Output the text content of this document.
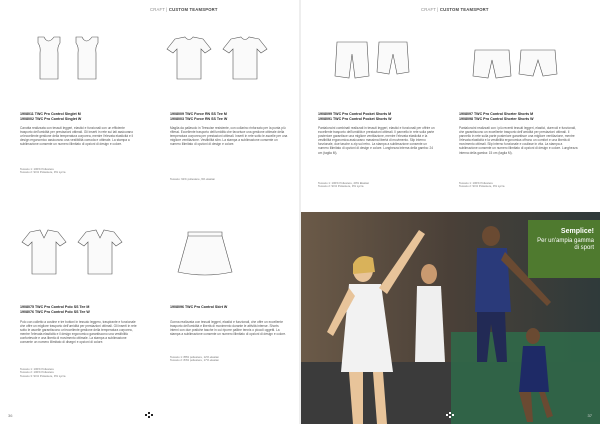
CRAFT | CUSTOM TEAMSPORT
1908011 TWC Pro Control Singlet M
1908002 TWC Pro Control Singlet W
Canotta realizzata con tessuti leggeri, elastici e funzionali con un efficiente trasporto dell'umidità per prestazioni ottimali. Gli inserti in rete sui lati assicurano un'eccellente gestione della temperatura corporea, mentre l'elevata elasticità e il design ergonomico assicurano una vestibilità comoda e ottimale. La stampa a sublimazione consente un numero illimitato di opzioni di design e colore.
Tessuto 1: 100% Poliestere
Tessuto 2: 91% Poliestere, 9% Lycra
1908009 TWC Force RN SS Tee M
1908003 TWC Force RN SS Tee W
Maglia da pallavolo in Teesuise resistente, con collarino rinforzato per la punta più riflessi. Eccellente trasporto dell'umidità che favorisce una gestione ottimale della temperatura corporea per prestazioni ottimali. Inserti in rete sotto le ascelle per una migliore ventilazione. Vestibilità slim. La stampa a sublimazione consente un numero illimitato di opzioni di design e colore.
Tessuto: 91% poliestere, 9% elastan
1908075 TWC Pro Control Polo SS Tee M
1908076 TWC Pro Control Polo SS Tee W
Polo con colletto a costine e tre bottoni in tessuto leggero, traspirante e funzionale che offre un migliore trasporto dell'umidità per prestazioni ottimali. Gli inserti in rete sotto le ascelle garantiscono un'eccellente gestione della temperatura corporea, mentre l'elevata elasticità e il design ergonomico garantiscono una vestibilità confortevole e una libertà di movimento ottimale. La stampa a sublimazione consente un numero illimitato di disegni e opzioni di colore.
Tessuto 1: 100% Poliestere
Tessuto 2: 100% Poliestere
Tessuto 3: 91% Poliestere, 9% Lycra
1908096 TWC Pro Control Skirt W
Gonna realizzata con tessuti leggeri, elastici e funzionali, che offre un eccellente trasporto dell'umidità e libertà di movimento durante le attività intense. Shorts interni con due pratiche tasche in cui riporre palline tennis o piccoli oggetti. La stampa a sublimazione consente un numero illimitato di opzioni di design e colore.
Tessuto 1: 88% poliestere, 12% elastan
Tessuto 2: 83% poliestere, 17% elastan
36
CRAFT | CUSTOM TEAMSPORT
1908099 TWC Pro Control Pocket Shorts M
1908091 TWC Pro Control Pocket Shorts W
Pantaloncini combinati realizzati in tessuti leggeri, elastici e funzionali per offrire un eccellente trasporto dell'umidità e prestazioni ottimali. Il pannello in rete sulla parte posteriore garantisce una migliore ventilazione, mentre l'elevata elasticità e la vestibilità ergonomica assicurano massima libertà di movimento. Slip interno funzionale, due tasche a zip sul retro. La stampa a sublimazione consente un numero illimitato di opzioni di design e colore. Lunghezza interna della gamba: 24 cm (taglia M).
Tessuto 1: 100% Poliestere, 20% Elastan
Tessuto 2: 91% Poliestere, 9% Lycra
1908097 TWC Pro Control Shorter Shorts M
1908098 TWC Pro Control Shorter Shorts W
Pantaloncini realizzati con i più recenti tessuti leggeri, elastici, durevoli e funzionali, che garantiscono un eccellente trasporto dell'umidità per prestazioni ottimali. Il pannello in rete sulla parte posteriore garantisce una migliore ventilazione, mentre l'elevata elasticità e la vestibilità ergonomica offrono un comfort e una libertà di movimento ottimali. Slip interno funzionale e coulisse in vita. La stampa a sublimazione consente un numero illimitato di opzioni di design e colore. Lunghezza interna della gamba: 15 cm (taglia M).
Tessuto 1: 100% Poliestere
Tessuto 2: 91% Poliestere, 9% Lycra
Semplice!
Per un'ampia gamma di sport
37
